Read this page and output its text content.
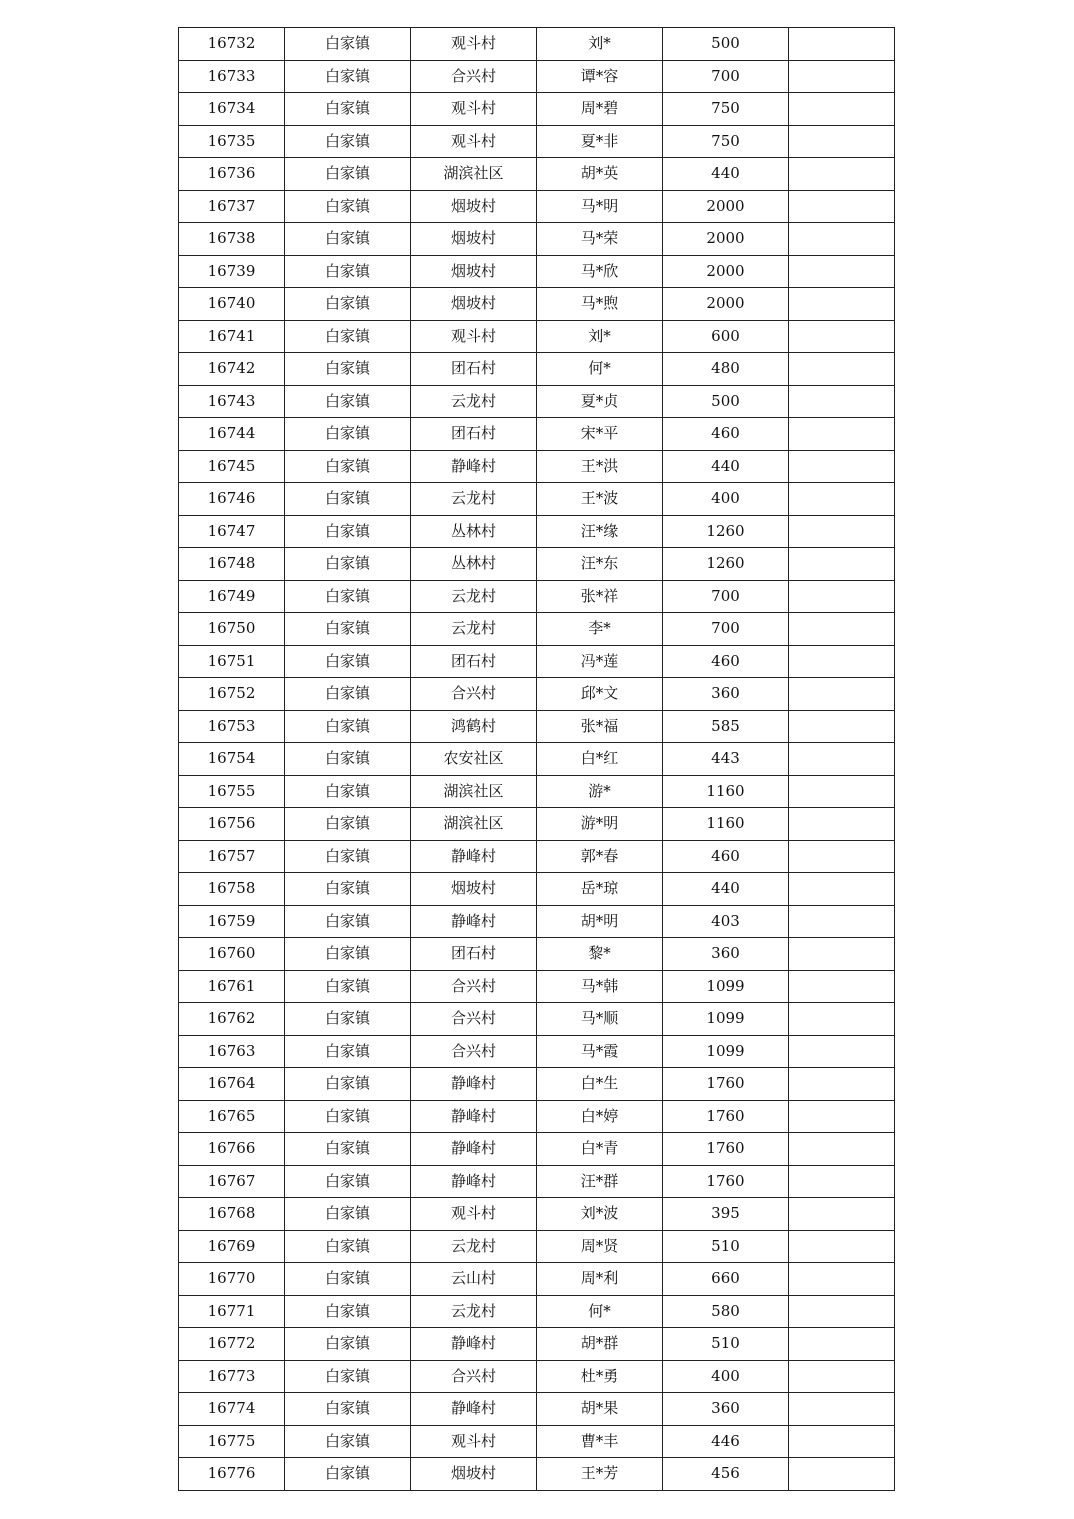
16732	白家镇	观斗村	刘*	500	
16733	白家镇	合兴村	谭*容	700	
16734	白家镇	观斗村	周*碧	750	
16735	白家镇	观斗村	夏*非	750	
16736	白家镇	湖滨社区	胡*英	440	
16737	白家镇	烟坡村	马*明	2000	
16738	白家镇	烟坡村	马*荣	2000	
16739	白家镇	烟坡村	马*欣	2000	
16740	白家镇	烟坡村	马*煦	2000	
16741	白家镇	观斗村	刘*	600	
16742	白家镇	团石村	何*	480	
16743	白家镇	云龙村	夏*贞	500	
16744	白家镇	团石村	宋*平	460	
16745	白家镇	静峰村	王*洪	440	
16746	白家镇	云龙村	王*波	400	
16747	白家镇	丛林村	汪*缘	1260	
16748	白家镇	丛林村	汪*东	1260	
16749	白家镇	云龙村	张*祥	700	
16750	白家镇	云龙村	李*	700	
16751	白家镇	团石村	冯*莲	460	
16752	白家镇	合兴村	邱*文	360	
16753	白家镇	鸿鹤村	张*福	585	
16754	白家镇	农安社区	白*红	443	
16755	白家镇	湖滨社区	游*	1160	
16756	白家镇	湖滨社区	游*明	1160	
16757	白家镇	静峰村	郭*春	460	
16758	白家镇	烟坡村	岳*琼	440	
16759	白家镇	静峰村	胡*明	403	
16760	白家镇	团石村	黎*	360	
16761	白家镇	合兴村	马*韩	1099	
16762	白家镇	合兴村	马*顺	1099	
16763	白家镇	合兴村	马*霞	1099	
16764	白家镇	静峰村	白*生	1760	
16765	白家镇	静峰村	白*婷	1760	
16766	白家镇	静峰村	白*青	1760	
16767	白家镇	静峰村	汪*群	1760	
16768	白家镇	观斗村	刘*波	395	
16769	白家镇	云龙村	周*贤	510	
16770	白家镇	云山村	周*利	660	
16771	白家镇	云龙村	何*	580	
16772	白家镇	静峰村	胡*群	510	
16773	白家镇	合兴村	杜*勇	400	
16774	白家镇	静峰村	胡*果	360	
16775	白家镇	观斗村	曹*丰	446	
16776	白家镇	烟坡村	王*芳	456	
